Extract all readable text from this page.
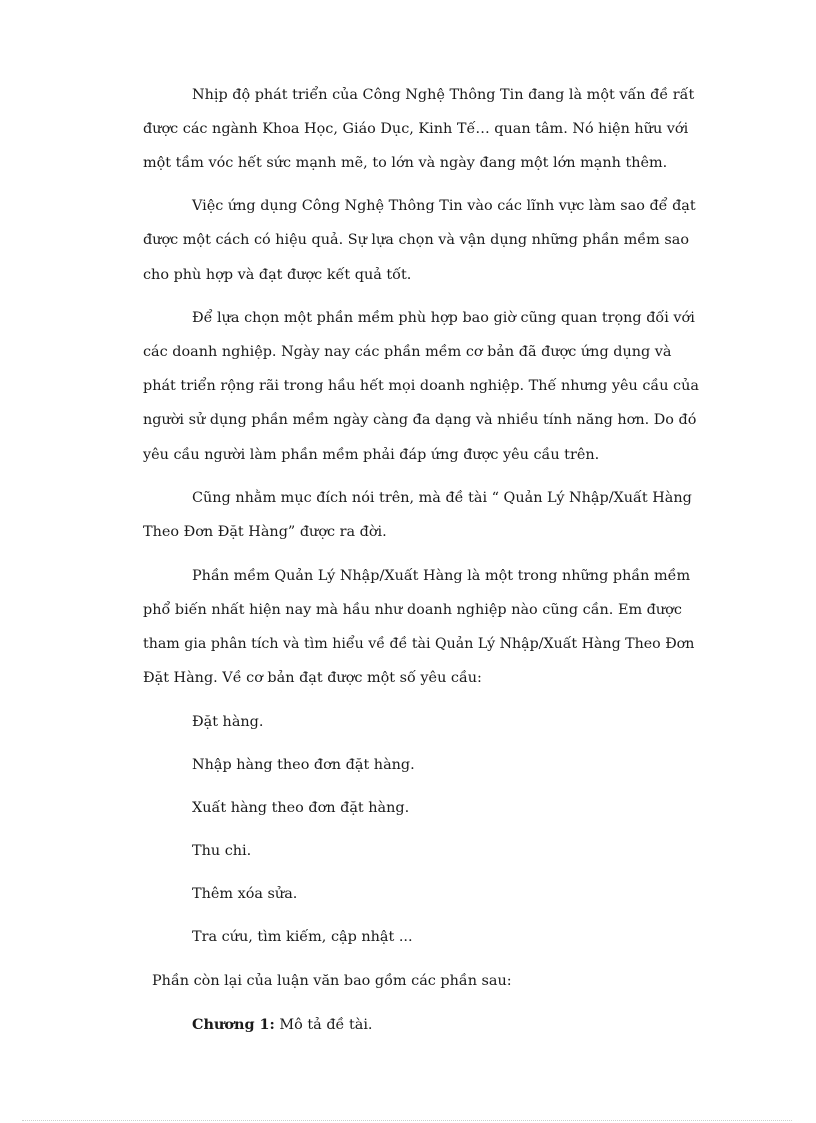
Nhịp độ phát triển của Công Nghệ Thông Tin đang là một vấn đề rất
được các ngành Khoa Học, Giáo Dục, Kinh Tế… quan tâm. Nó hiện hữu với
một tầm vóc hết sức mạnh mẽ, to lớn và ngày đang một lớn mạnh thêm.
Việc ứng dụng Công Nghệ Thông Tin vào các lĩnh vực làm sao để đạt
được một cách có hiệu quả. Sự lựa chọn và vận dụng những phần mềm sao
cho phù hợp và đạt được kết quả tốt.
Để lựa chọn một phần mềm phù hợp bao giờ cũng quan trọng đối với
các doanh nghiệp. Ngày nay các phần mềm cơ bản đã được ứng dụng và
phát triển rộng rãi trong hầu hết mọi doanh nghiệp. Thế nhưng yêu cầu của
người sử dụng phần mềm ngày càng đa dạng và nhiều tính năng hơn. Do đó
yêu cầu người làm phần mềm phải đáp ứng được yêu cầu trên.
Cũng nhằm mục đích nói trên, mà đề tài “ Quản Lý Nhập/Xuất Hàng
Theo Đơn Đặt Hàng” được ra đời.
Phần mềm Quản Lý Nhập/Xuất Hàng là một trong những phần mềm
phổ biến nhất hiện nay mà hầu như doanh nghiệp nào cũng cần. Em được
tham gia phân tích và tìm hiểu về đề tài Quản Lý Nhập/Xuất Hàng Theo Đơn
Đặt Hàng. Về cơ bản đạt được một số yêu cầu:
Đặt hàng.
Nhập hàng theo đơn đặt hàng.
Xuất hàng theo đơn đặt hàng.
Thu chi.
Thêm xóa sửa.
Tra cứu, tìm kiếm, cập nhật ...
Phần còn lại của luận văn bao gồm các phần sau:
Chương 1: Mô tả đề tài.
